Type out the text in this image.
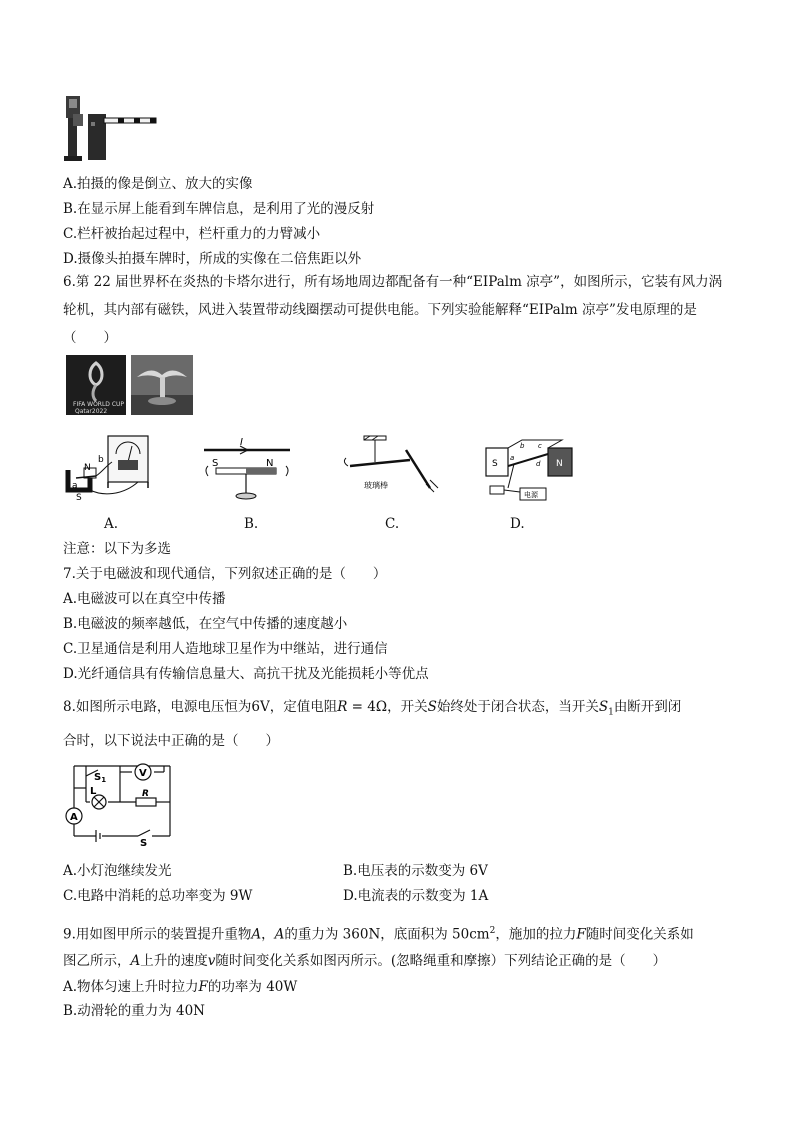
A.拍摄的像是倒立、放大的实像
B.在显示屏上能看到车牌信息，是利用了光的漫反射
C.栏杆被抬起过程中，栏杆重力的力臂减小
D.摄像头拍摄车牌时，所成的实像在二倍焦距以外
6.第 22 届世界杯在炎热的卡塔尔进行，所有场地周边都配备有一种“EIPalm 凉亭”，如图所示，它装有风力涡轮机，其内部有磁铁，风进入装置带动线圈摆动可提供电能。下列实验能解释“EIPalm 凉亭”发电原理的是（　　）
FIFA WORLD CUP
Qatar2022
N
b
a
S
I
S	N
玻璃棒
S	N
a
b c
d
电源
A.	B.	C.	D.
注意：以下为多选
7.关于电磁波和现代通信，下列叙述正确的是（　　）
A.电磁波可以在真空中传播
B.电磁波的频率越低，在空气中传播的速度越小
C.卫星通信是利用人造地球卫星作为中继站，进行通信
D.光纤通信具有传输信息量大、高抗干扰及光能损耗小等优点
8.如图所示电路，电源电压恒为6V，定值电阻R = 4Ω，开关S始终处于闭合状态，当开关$S_1$由断开到闭
合时，以下说法中正确的是（　　）
$S_1$
V
L	R
A
S
A.小灯泡继续发光	B.电压表的示数变为 6V
C.电路中消耗的总功率变为 9W	D.电流表的示数变为 1A
9.用如图甲所示的装置提升重物A，A的重力为 360N，底面积为 $50cm^2$，施加的拉力F随时间变化关系如
图乙所示，A上升的速度v随时间变化关系如图丙所示。(忽略绳重和摩擦）下列结论正确的是（　　）
A.物体匀速上升时拉力F的功率为 40W
B.动滑轮的重力为 40N
